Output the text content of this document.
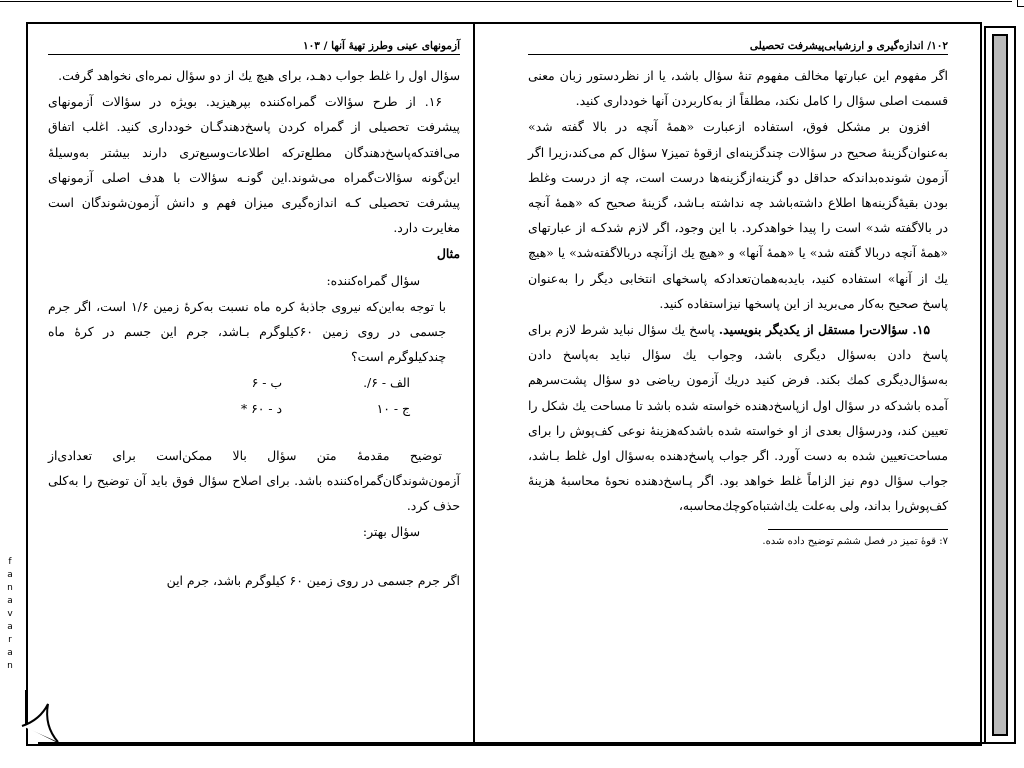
آزمونهای عینی وطرز تهیهٔ آنها / ۱۰۳

سؤال اول را غلط جواب دهـد، برای هیچ یك از دو سؤال نمره‌ای نخواهد گرفت.

۱۶. از طرح سؤالات گمراه‌کننده بپرهیزید. بویژه در سؤالات آزمونهای پیشرفت تحصیلی از گمراه کردن پاسخ‌دهندگـان خودداری کنید. اغلب اتفاق می‌افتدکه‌پاسخ‌دهندگان مطلع‌ترکه اطلاعات‌وسیع‌تری دارند بیشتر به‌وسیلهٔ این‌گونه سؤالات‌گمراه می‌شوند.این گونـه سؤالات با هدف اصلی آزمونهای پیشرفت تحصیلی کـه اندازه‌گیری میزان فهم و دانش آزمون‌شوندگان است مغایرت دارد.

مثال

سؤال گمراه‌کننده:

با توجه به‌این‌که نیروی جاذبهٔ کره ماه نسبت به‌کرهٔ زمین ۱/۶ است، اگر جرم جسمی در روی زمین ۶۰کیلوگرم بـاشد، جرم این جسم در کرهٔ ماه چندکیلوگرم است؟

الف - ۶/.
ب - ۶
ج - ۱۰
د - ۶۰ *

توضیح مقدمهٔ متن سؤال بالا ممکن‌است برای تعدادی‌از آزمون‌شوندگان‌گمراه‌کننده باشد. برای اصلاح سؤال فوق باید آن توضیح را به‌کلی حذف کرد.

سؤال بهتر:

اگر جرم جسمی در روی زمین ۶۰ کیلوگرم باشد، جرم این

۱۰۲/ اندازه‌گیری و ارزشیابی‌پیشرفت تحصیلی

اگر مفهوم این عبارتها مخالف مفهوم تنهٔ سؤال باشد، یا از نظردستور زبان معنی قسمت اصلی سؤال را کامل نکند، مطلقاً از به‌کاربردن آنها خودداری کنید.

افزون بر مشکل فوق، استفاده ازعبارت «همهٔ آنچه در بالا گفته شد» به‌عنوان‌گزینهٔ صحیح در سؤالات چندگزینه‌ای ازقوهٔ تمیز۷ سؤال کم می‌کند،زیرا اگر آزمون شونده‌بداندکه حداقل دو گزینه‌ازگزینه‌ها درست است، چه از درست وغلط بودن بقیهٔ‌گزینه‌ها اطلاع داشته‌باشد چه نداشته بـاشد، گزینهٔ صحیح که «همهٔ آنچه در بالاگفته شد» است را پیدا خواهدکرد. با این وجود، اگر لازم شدکـه از عبارتهای «همهٔ آنچه دربالا گفته شد» یا «همهٔ آنها» و «هیچ یك ازآنچه دربالاگفته‌شد» یا «هیچ یك از آنها» استفاده کنید، بایدبه‌همان‌تعدادکه پاسخهای انتخابی دیگر را به‌عنوان پاسخ صحیح به‌کار می‌برید از این پاسخها نیزاستفاده کنید.

۱۵. سؤالات‌را مستقل از یکدیگر بنویسید. پاسخ یك سؤال نباید شرط لازم برای پاسخ دادن به‌سؤال دیگری باشد، وجواب یك سؤال نباید به‌پاسخ دادن به‌سؤال‌دیگری کمك بکند. فرض کنید دریك آزمون ریاضی دو سؤال پشت‌سرهم آمده باشدکه در سؤال اول ازپاسخ‌دهنده خواسته شده باشد تا مساحت یك شکل را تعیین کند، ودرسؤال بعدی از او خواسته شده باشدکه‌هزینهٔ نوعی کف‌پوش را برای مساحت‌تعیین شده به دست آورد. اگر جواب پاسخ‌دهنده به‌سؤال اول غلط بـاشد، جواب سؤال دوم نیز الزاماً غلط خواهد بود. اگر پـاسخ‌دهنده نحوهٔ محاسبهٔ هزینهٔ کف‌پوش‌را بداند، ولی به‌علت یك‌اشتباه‌کوچك‌محاسبه،

۷: قوهٔ تمیز در فصل ششم توضیح داده شده.

f
a
n
a
v
a
r
a
n
